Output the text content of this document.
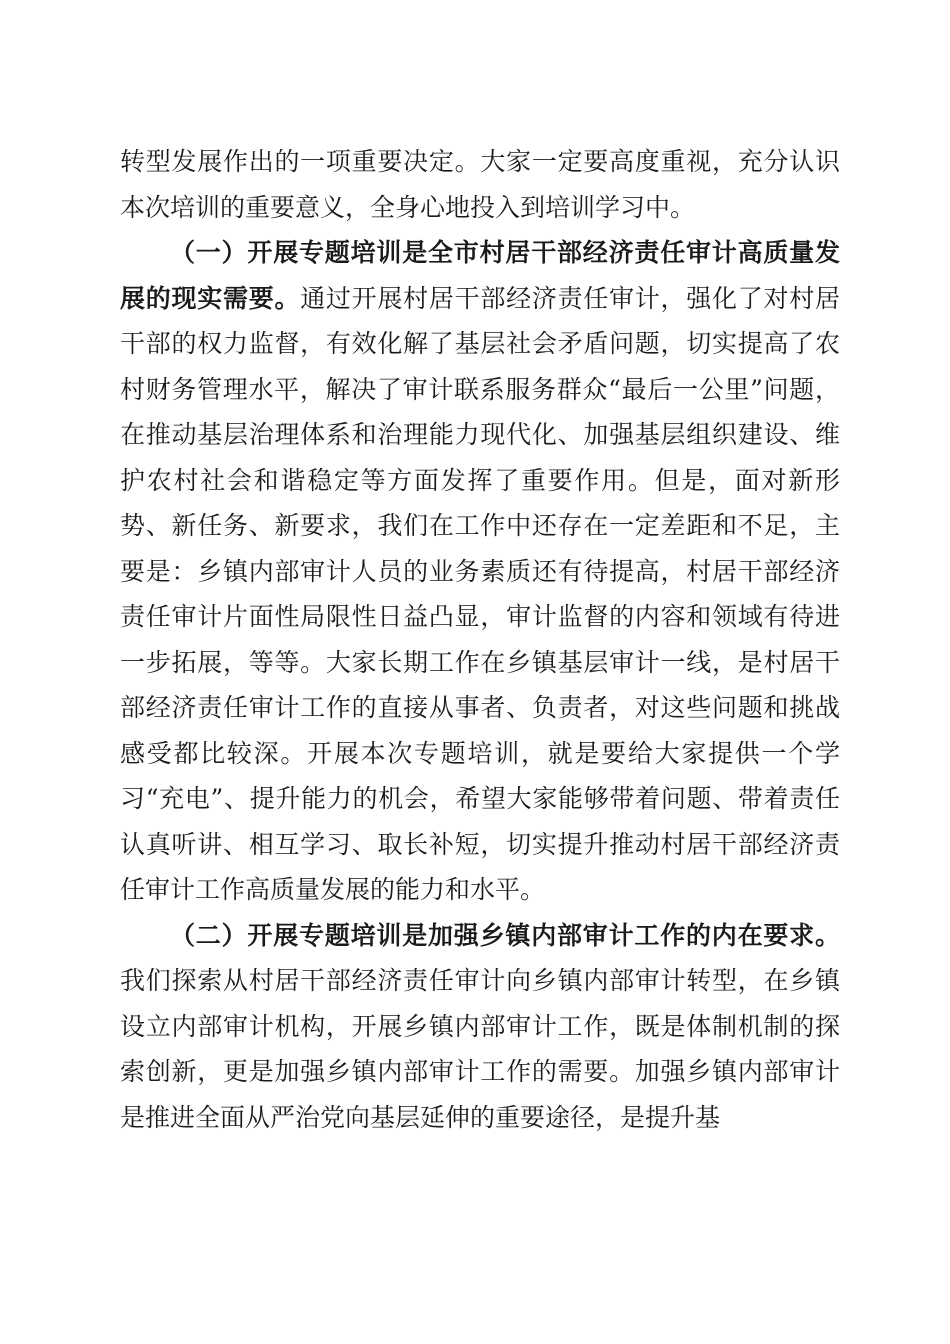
转型发展作出的一项重要决定。大家一定要高度重视，充分认识本次培训的重要意义，全身心地投入到培训学习中。

（一）开展专题培训是全市村居干部经济责任审计高质量发展的现实需要。通过开展村居干部经济责任审计，强化了对村居干部的权力监督，有效化解了基层社会矛盾问题，切实提高了农村财务管理水平，解决了审计联系服务群众“最后一公里”问题，在推动基层治理体系和治理能力现代化、加强基层组织建设、维护农村社会和谐稳定等方面发挥了重要作用。但是，面对新形势、新任务、新要求，我们在工作中还存在一定差距和不足，主要是：乡镇内部审计人员的业务素质还有待提高，村居干部经济责任审计片面性局限性日益凸显，审计监督的内容和领域有待进一步拓展，等等。大家长期工作在乡镇基层审计一线，是村居干部经济责任审计工作的直接从事者、负责者，对这些问题和挑战感受都比较深。开展本次专题培训，就是要给大家提供一个学习“充电”、提升能力的机会，希望大家能够带着问题、带着责任认真听讲、相互学习、取长补短，切实提升推动村居干部经济责任审计工作高质量发展的能力和水平。

（二）开展专题培训是加强乡镇内部审计工作的内在要求。我们探索从村居干部经济责任审计向乡镇内部审计转型，在乡镇设立内部审计机构，开展乡镇内部审计工作，既是体制机制的探索创新，更是加强乡镇内部审计工作的需要。加强乡镇内部审计是推进全面从严治党向基层延伸的重要途径，是提升基
